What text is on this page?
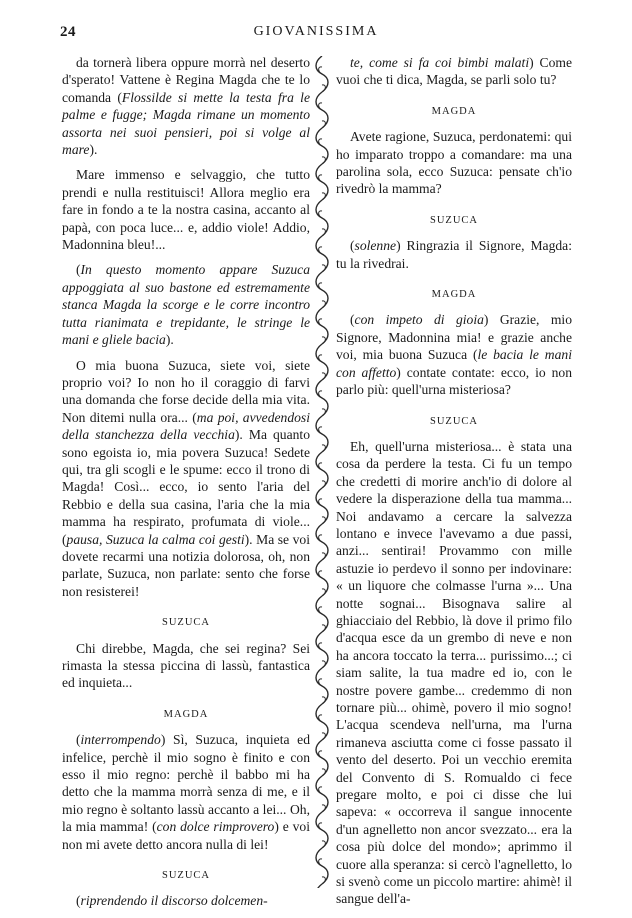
24	GIOVANISSIMA

da tornerà libera oppure morrà nel deserto d'sperato! Vattene è Regina Magda che te lo comanda (Flossilde si mette la testa fra le palme e fugge; Magda rimane un momento assorta nei suoi pensieri, poi si volge al mare).

Mare immenso e selvaggio, che tutto prendi e nulla restituisci! Allora meglio era fare in fondo a te la nostra casina, accanto al papà, con poca luce... e, addio viole! Addio, Madonnina bleu!...

(In questo momento appare Suzuca appoggiata al suo bastone ed estremamente stanca Magda la scorge e le corre incontro tutta rianimata e trepidante, le stringe le mani e gliele bacia).

O mia buona Suzuca, siete voi, siete proprio voi? Io non ho il coraggio di farvi una domanda che forse decide della mia vita. Non ditemi nulla ora... (ma poi, avvedendosi della stanchezza della vecchia). Ma quanto sono egoista io, mia povera Suzuca! Sedete qui, tra gli scogli e le spume: ecco il trono di Magda! Così... ecco, io sento l'aria del Rebbio e della sua casina, l'aria che la mia mamma ha respirato, profumata di viole... (pausa, Suzuca la calma coi gesti). Ma se voi dovete recarmi una notizia dolorosa, oh, non parlate, Suzuca, non parlate: sento che forse non resisterei!

SUZUCA

Chi direbbe, Magda, che sei regina? Sei rimasta la stessa piccina di lassù, fantastica ed inquieta...

MAGDA

(interrompendo) Sì, Suzuca, inquieta ed infelice, perchè il mio sogno è finito e con esso il mio regno: perchè il babbo mi ha detto che la mamma morrà senza di me, e il mio regno è soltanto lassù accanto a lei... Oh, la mia mamma! (con dolce rimprovero) e voi non mi avete detto ancora nulla di lei!

SUZUCA

(riprendendo il discorso dolcemen-

te, come si fa coi bimbi malati) Come vuoi che ti dica, Magda, se parli solo tu?

MAGDA

Avete ragione, Suzuca, perdonatemi: qui ho imparato troppo a comandare: ma una parolina sola, ecco Suzuca: pensate ch'io rivedrò la mamma?

SUZUCA

(solenne) Ringrazia il Signore, Magda: tu la rivedrai.

MAGDA

(con impeto di gioia) Grazie, mio Signore, Madonnina mia! e grazie anche voi, mia buona Suzuca (le bacia le mani con affetto) contate contate: ecco, io non parlo più: quell'urna misteriosa?

SUZUCA

Eh, quell'urna misteriosa... è stata una cosa da perdere la testa. Ci fu un tempo che credetti di morire anch'io di dolore al vedere la disperazione della tua mamma... Noi andavamo a cercare la salvezza lontano e invece l'avevamo a due passi, anzi... sentirai! Provammo con mille astuzie io perdevo il sonno per indovinare: « un liquore che colmasse l'urna »... Una notte sognai... Bisognava salire al ghiacciaio del Rebbio, là dove il primo filo d'acqua esce da un grembo di neve e non ha ancora toccato la terra... purissimo...; ci siam salite, la tua madre ed io, con le nostre povere gambe... credemmo di non tornare più... ohimè, povero il mio sogno! L'acqua scendeva nell'urna, ma l'urna rimaneva asciutta come ci fosse passato il vento del deserto. Poi un vecchio eremita del Convento di S. Romualdo ci fece pregare molto, e poi ci disse che lui sapeva: « occorreva il sangue innocente d'un agnelletto non ancor svezzato... era la cosa più dolce del mondo»; aprimmo il cuore alla speranza: si cercò l'agnelletto, lo si svenò come un piccolo martire: ahimè! il sangue dell'a-
